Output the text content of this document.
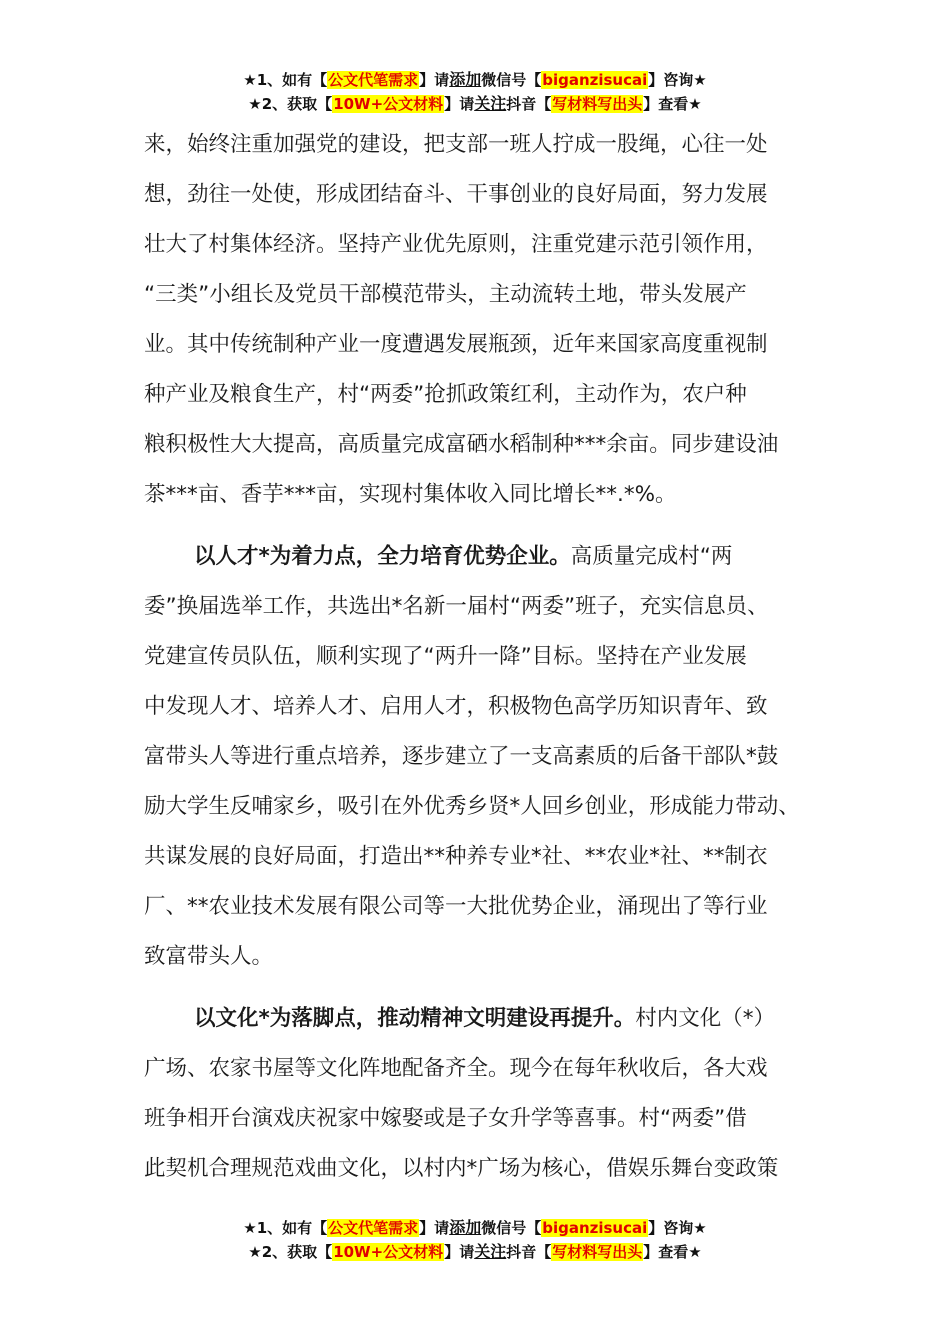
★1、如有【公文代笔需求】请添加微信号【biganzisucai】咨询★
★2、获取【10W+公文材料】请关注抖音【写材料写出头】查看★

来，始终注重加强党的建设，把支部一班人拧成一股绳，心往一处
想，劲往一处使，形成团结奋斗、干事创业的良好局面，努力发展
壮大了村集体经济。坚持产业优先原则，注重党建示范引领作用，
“三类”小组长及党员干部模范带头，主动流转土地，带头发展产
业。其中传统制种产业一度遭遇发展瓶颈，近年来国家高度重视制
种产业及粮食生产，村“两委”抢抓政策红利，主动作为，农户种
粮积极性大大提高，高质量完成富硒水稻制种***余亩。同步建设油
茶***亩、香芋***亩，实现村集体收入同比增长**.*%。

以人才*为着力点，全力培育优势企业。高质量完成村“两
委”换届选举工作，共选出*名新一届村“两委”班子，充实信息员、
党建宣传员队伍，顺利实现了“两升一降”目标。坚持在产业发展
中发现人才、培养人才、启用人才，积极物色高学历知识青年、致
富带头人等进行重点培养，逐步建立了一支高素质的后备干部队*鼓
励大学生反哺家乡，吸引在外优秀乡贤*人回乡创业，形成能力带动、
共谋发展的良好局面，打造出**种养专业*社、**农业*社、**制衣
厂、**农业技术发展有限公司等一大批优势企业，涌现出了等行业
致富带头人。

以文化*为落脚点，推动精神文明建设再提升。村内文化（*）
广场、农家书屋等文化阵地配备齐全。现今在每年秋收后，各大戏
班争相开台演戏庆祝家中嫁娶或是子女升学等喜事。村“两委”借
此契机合理规范戏曲文化，以村内*广场为核心，借娱乐舞台变政策

★1、如有【公文代笔需求】请添加微信号【biganzisucai】咨询★
★2、获取【10W+公文材料】请关注抖音【写材料写出头】查看★
